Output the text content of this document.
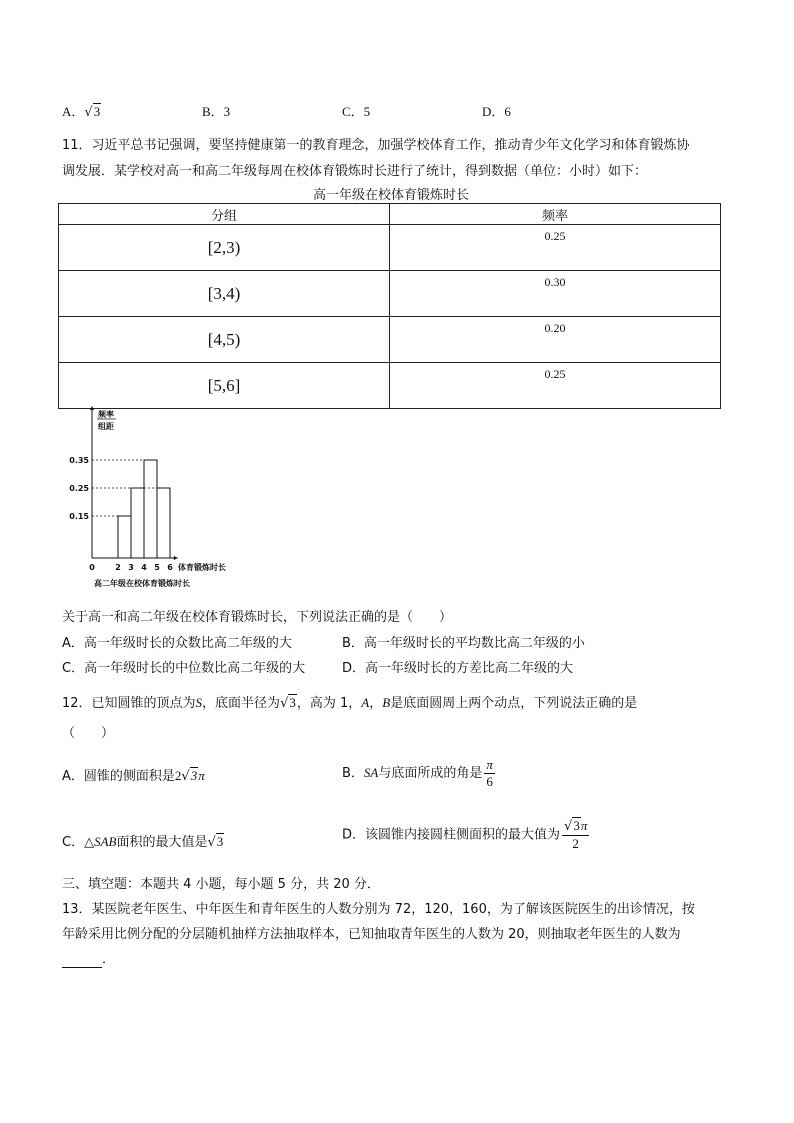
A．√3	B．3	C．5	D．6
11．习近平总书记强调，要坚持健康第一的教育理念，加强学校体育工作，推动青少年文化学习和体育锻炼协
调发展．某学校对高一和高二年级每周在校体育锻炼时长进行了统计，得到数据（单位：小时）如下：
高一年级在校体育锻炼时长
分组	频率
[2,3)	0.25
[3,4)	0.30
[4,5)	0.20
[5,6]	0.25
频率
组距
0.15
0.25
0.35
0	2 3 4 5 6 体育锻炼时长
高二年级在校体育锻炼时长
关于高一和高二年级在校体育锻炼时长，下列说法正确的是（　　）
A．高一年级时长的众数比高二年级的大	B．高一年级时长的平均数比高二年级的小
C．高一年级时长的中位数比高二年级的大	D．高一年级时长的方差比高二年级的大
12．已知圆锥的顶点为S，底面半径为√3，高为 1，A，B是底面圆周上两个动点，下列说法正确的是
（　　）
A．圆锥的侧面积是2√3π	B．SA与底面所成的角是 $\frac{\pi}{6}$
C．△SAB面积的最大值是√3	D．该圆锥内接圆柱侧面积的最大值为 $\frac{√3\pi}{2}$
三、填空题：本题共 4 小题，每小题 5 分，共 20 分．
13．某医院老年医生、中年医生和青年医生的人数分别为 72，120，160，为了解该医院医生的出诊情况，按
年龄采用比例分配的分层随机抽样方法抽取样本，已知抽取青年医生的人数为 20，则抽取老年医生的人数为
．
